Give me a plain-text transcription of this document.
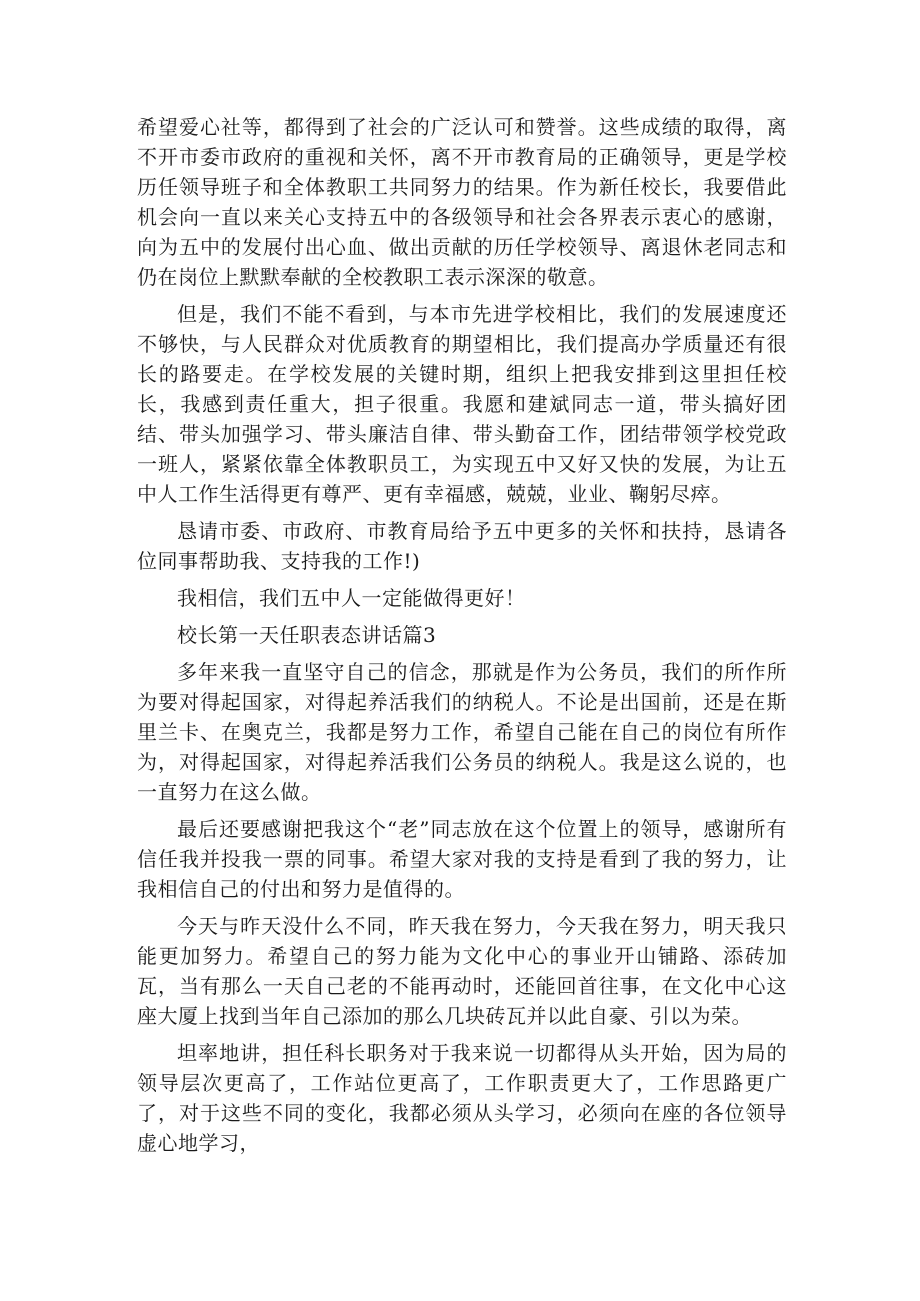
希望爱心社等，都得到了社会的广泛认可和赞誉。这些成绩的取得，离不开市委市政府的重视和关怀，离不开市教育局的正确领导，更是学校历任领导班子和全体教职工共同努力的结果。作为新任校长，我要借此机会向一直以来关心支持五中的各级领导和社会各界表示衷心的感谢，向为五中的发展付出心血、做出贡献的历任学校领导、离退休老同志和仍在岗位上默默奉献的全校教职工表示深深的敬意。

但是，我们不能不看到，与本市先进学校相比，我们的发展速度还不够快，与人民群众对优质教育的期望相比，我们提高办学质量还有很长的路要走。在学校发展的关键时期，组织上把我安排到这里担任校长，我感到责任重大，担子很重。我愿和建斌同志一道，带头搞好团结、带头加强学习、带头廉洁自律、带头勤奋工作，团结带领学校党政一班人，紧紧依靠全体教职员工，为实现五中又好又快的发展，为让五中人工作生活得更有尊严、更有幸福感，兢兢，业业、鞠躬尽瘁。

恳请市委、市政府、市教育局给予五中更多的关怀和扶持，恳请各位同事帮助我、支持我的工作!)

我相信，我们五中人一定能做得更好！

校长第一天任职表态讲话篇3

多年来我一直坚守自己的信念，那就是作为公务员，我们的所作所为要对得起国家，对得起养活我们的纳税人。不论是出国前，还是在斯里兰卡、在奥克兰，我都是努力工作，希望自己能在自己的岗位有所作为，对得起国家，对得起养活我们公务员的纳税人。我是这么说的，也一直努力在这么做。

最后还要感谢把我这个“老”同志放在这个位置上的领导，感谢所有信任我并投我一票的同事。希望大家对我的支持是看到了我的努力，让我相信自己的付出和努力是值得的。

今天与昨天没什么不同，昨天我在努力，今天我在努力，明天我只能更加努力。希望自己的努力能为文化中心的事业开山铺路、添砖加瓦，当有那么一天自己老的不能再动时，还能回首往事，在文化中心这座大厦上找到当年自己添加的那么几块砖瓦并以此自豪、引以为荣。

坦率地讲，担任科长职务对于我来说一切都得从头开始，因为局的领导层次更高了，工作站位更高了，工作职责更大了，工作思路更广了，对于这些不同的变化，我都必须从头学习，必须向在座的各位领导虚心地学习，
